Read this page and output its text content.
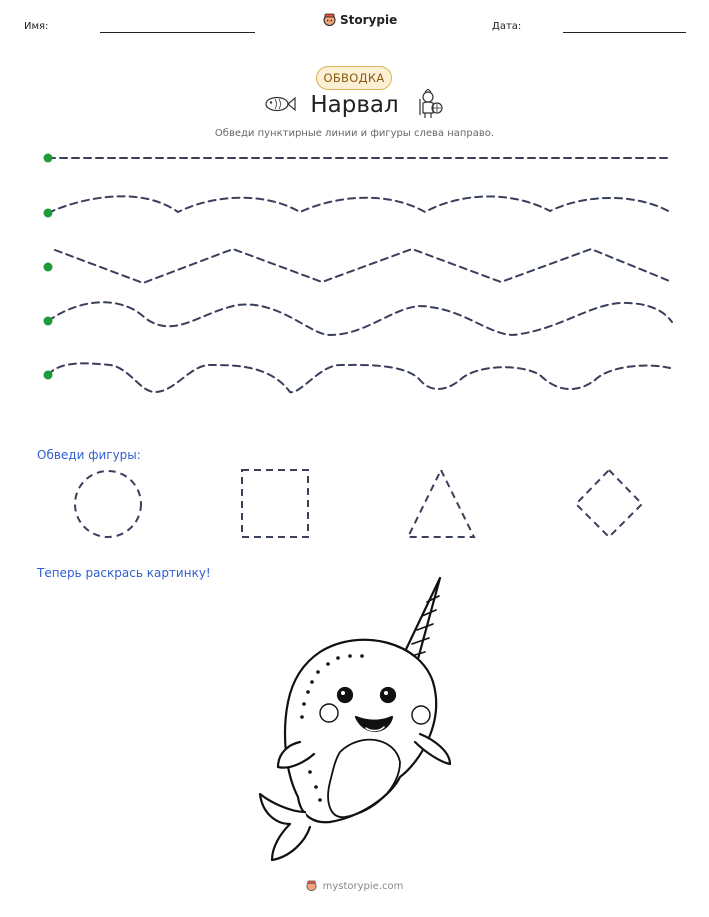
Имя:	Storypie	Дата:
ОБВОДКА
Нарвал
Обведи пунктирные линии и фигуры слева направо.
Обведи фигуры:
Теперь раскрась картинку!
mystorypie.com
